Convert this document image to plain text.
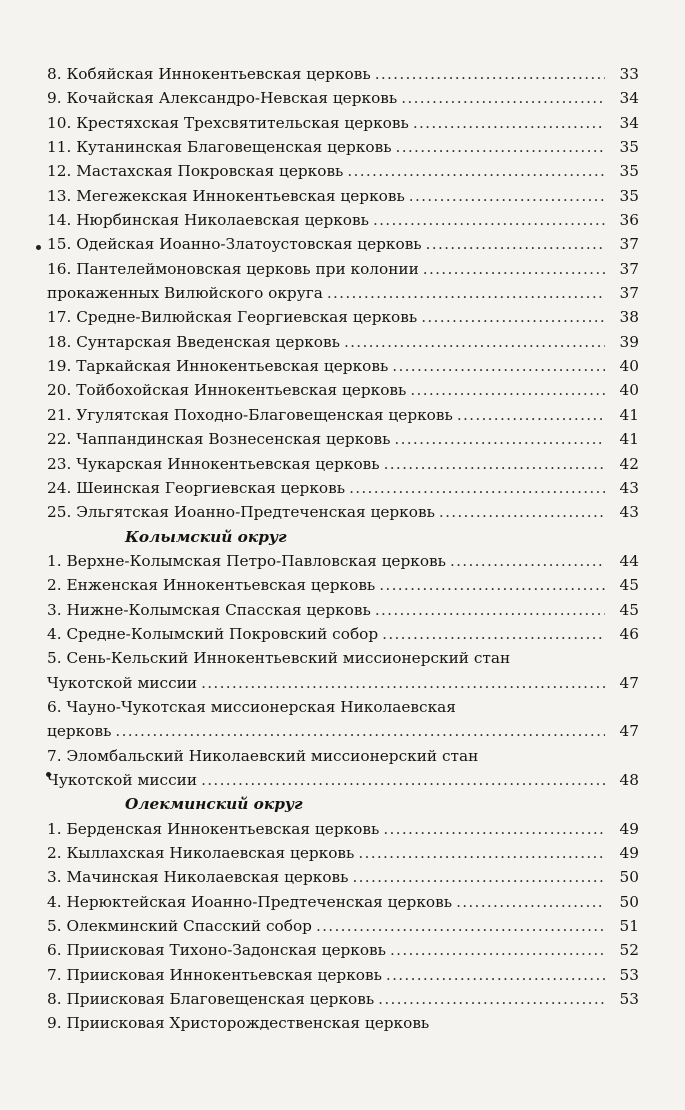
8. Кобяйская Иннокентьевская церковь .....	33
9. Кочайская Александро-Невская церковь .....	34
10. Крестяхская Трехсвятительская церковь .....	34
11. Кутанинская Благовещенская церковь .....	35
12. Мастахская Покровская церковь .....	35
13. Мегежекская Иннокентьевская церковь .....	35
14. Нюрбинская Николаевская церковь .....	36
15. Одейская Иоанно-Златоустовская церковь .....	37
16. Пантелеймоновская церковь при колонии .....	37
прокаженных Вилюйского округа .....	37
17. Средне-Вилюйская Георгиевская церковь .....	38
18. Сунтарская Введенская церковь .....	39
19. Таркайская Иннокентьевская церковь .....	40
20. Тойбохойская Иннокентьевская церковь .....	40
21. Угулятская Походно-Благовещенская церковь .....	41
22. Чаппандинская Вознесенская церковь .....	41
23. Чукарская Иннокентьевская церковь .....	42
24. Шеинская Георгиевская церковь .....	43
25. Эльгятская Иоанно-Предтеченская церковь .....	43
Колымский округ
1. Верхне-Колымская Петро-Павловская церковь .....	44
2. Енженская Иннокентьевская церковь .....	45
3. Нижне-Колымская Спасская церковь .....	45
4. Средне-Колымский Покровский собор .....	46
5. Сень-Кельский Иннокентьевский миссионерский стан
Чукотской миссии .....	47
6. Чауно-Чукотская миссионерская Николаевская
церковь .....	47
7. Эломбальский Николаевский миссионерский стан
Чукотской миссии .....	48
Олекминский округ
1. Берденская Иннокентьевская церковь .....	49
2. Кыллахская Николаевская церковь .....	49
3. Мачинская Николаевская церковь .....	50
4. Нерюктейская Иоанно-Предтеченская церковь .....	50
5. Олекминский Спасский собор .....	51
6. Приисковая Тихоно-Задонская церковь .....	52
7. Приисковая Иннокентьевская церковь .....	53
8. Приисковая Благовещенская церковь .....	53
9. Приисковая Христорождественская церковь
